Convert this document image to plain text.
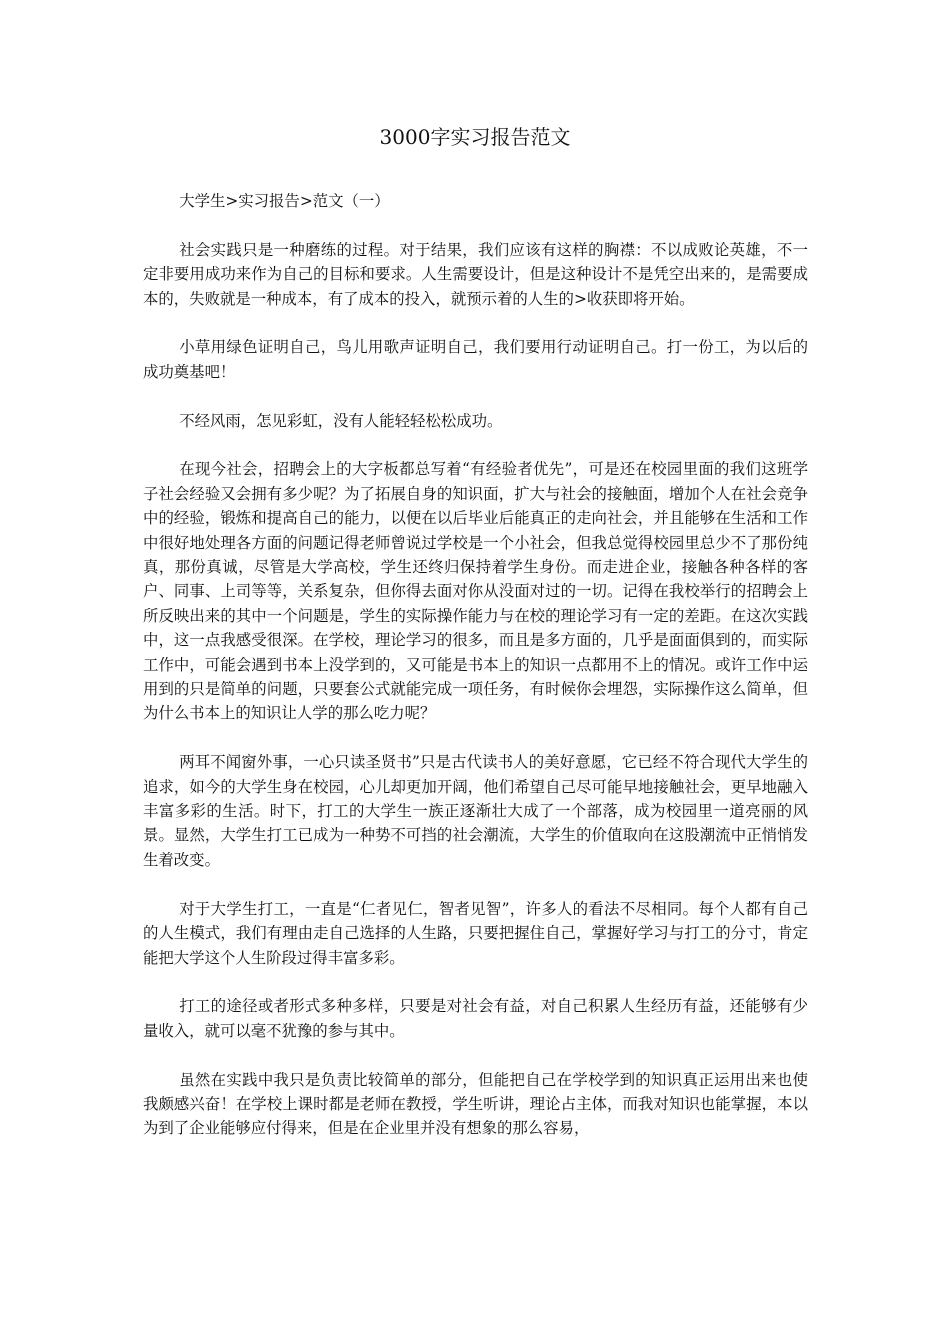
3000字实习报告范文

大学生>实习报告>范文（一）

社会实践只是一种磨练的过程。对于结果，我们应该有这样的胸襟：不以成败论英雄，不一定非要用成功来作为自己的目标和要求。人生需要设计，但是这种设计不是凭空出来的，是需要成本的，失败就是一种成本，有了成本的投入，就预示着的人生的>收获即将开始。

小草用绿色证明自己，鸟儿用歌声证明自己，我们要用行动证明自己。打一份工，为以后的成功奠基吧！

不经风雨，怎见彩虹，没有人能轻轻松松成功。

在现今社会，招聘会上的大字板都总写着“有经验者优先”，可是还在校园里面的我们这班学子社会经验又会拥有多少呢？为了拓展自身的知识面，扩大与社会的接触面，增加个人在社会竞争中的经验，锻炼和提高自己的能力，以便在以后毕业后能真正的走向社会，并且能够在生活和工作中很好地处理各方面的问题记得老师曾说过学校是一个小社会，但我总觉得校园里总少不了那份纯真，那份真诚，尽管是大学高校，学生还终归保持着学生身份。而走进企业，接触各种各样的客户、同事、上司等等，关系复杂，但你得去面对你从没面对过的一切。记得在我校举行的招聘会上所反映出来的其中一个问题是，学生的实际操作能力与在校的理论学习有一定的差距。在这次实践中，这一点我感受很深。在学校，理论学习的很多，而且是多方面的，几乎是面面俱到的，而实际工作中，可能会遇到书本上没学到的，又可能是书本上的知识一点都用不上的情况。或许工作中运用到的只是简单的问题，只要套公式就能完成一项任务，有时候你会埋怨，实际操作这么简单，但为什么书本上的知识让人学的那么吃力呢？

两耳不闻窗外事，一心只读圣贤书”只是古代读书人的美好意愿，它已经不符合现代大学生的追求，如今的大学生身在校园，心儿却更加开阔，他们希望自己尽可能早地接触社会，更早地融入丰富多彩的生活。时下，打工的大学生一族正逐渐壮大成了一个部落，成为校园里一道亮丽的风景。显然，大学生打工已成为一种势不可挡的社会潮流，大学生的价值取向在这股潮流中正悄悄发生着改变。

对于大学生打工，一直是“仁者见仁，智者见智”，许多人的看法不尽相同。每个人都有自己的人生模式，我们有理由走自己选择的人生路，只要把握住自己，掌握好学习与打工的分寸，肯定能把大学这个人生阶段过得丰富多彩。

打工的途径或者形式多种多样，只要是对社会有益，对自己积累人生经历有益，还能够有少量收入，就可以毫不犹豫的参与其中。

虽然在实践中我只是负责比较简单的部分，但能把自己在学校学到的知识真正运用出来也使我颇感兴奋！在学校上课时都是老师在教授，学生听讲，理论占主体，而我对知识也能掌握，本以为到了企业能够应付得来，但是在企业里并没有想象的那么容易，
